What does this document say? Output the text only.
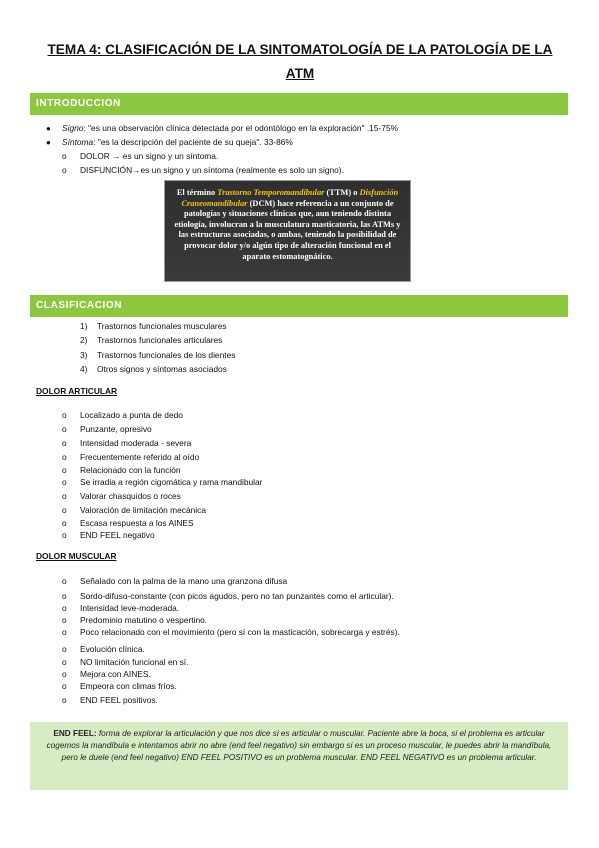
TEMA 4: CLASIFICACIÓN DE LA SINTOMATOLOGÍA DE LA PATOLOGÍA DE LA ATM
INTRODUCCION
● Signo: "es una observación clínica detectada por el odontólogo en la exploración" .15-75%
● Síntoma: "es la descripción del paciente de su queja". 33-86%
o DOLOR → es un signo y un síntoma.
o DISFUNCIÓN→es un signo y un síntoma (realmente es solo un signo).
El término Trastorno Temporomandibular (TTM) o Disfunción Craneomandibular (DCM) hace referencia a un conjunto de patologías y situaciones clínicas que, aun teniendo distinta etiología, involucran a la musculatura masticatoria, las ATMs y las estructuras asociadas, o ambas, teniendo la posibilidad de provocar dolor y/o algún tipo de alteración funcional en el aparato estomatognático.
CLASIFICACION
1) Trastornos funcionales musculares
2) Trastornos funcionales articulares
3) Trastornos funcionales de los dientes
4) Otros signos y síntomas asociados
DOLOR ARTICULAR
o Localizado a punta de dedo
o Punzante, opresivo
o Intensidad moderada - severa
o Frecuentemente referido al oído
o Relacionado con la función
o Se irradia a región cigomática y rama mandibular
o Valorar chasquidos o roces
o Valoración de limitación mecánica
o Escasa respuesta a los AINES
o END FEEL negativo
DOLOR MUSCULAR
o Señalado con la palma de la mano una granzona difusa
o Sordo-difuso-constante (con picos agudos, pero no tan punzantes como el articular).
o Intensidad leve-moderada.
o Predominio matutino o vespertino.
o Poco relacionado con el movimiento (pero sí con la masticación, sobrecarga y estrés).
o Evolución clínica.
o NO limitación funcional en sí.
o Mejora con AINES.
o Empeora con climas fríos.
o END FEEL positivos.
END FEEL: forma de explorar la articulación y que nos dice si es articular o muscular. Paciente abre la boca, si el problema es articular cogemos la mandíbula e intentamos abrir no abre (end feel negativo) sin embargo si es un proceso muscular, le puedes abrir la mandíbula, pero le duele (end feel negativo) END FEEL POSITIVO es un problema muscular. END FEEL NEGATIVO es un problema articular.
